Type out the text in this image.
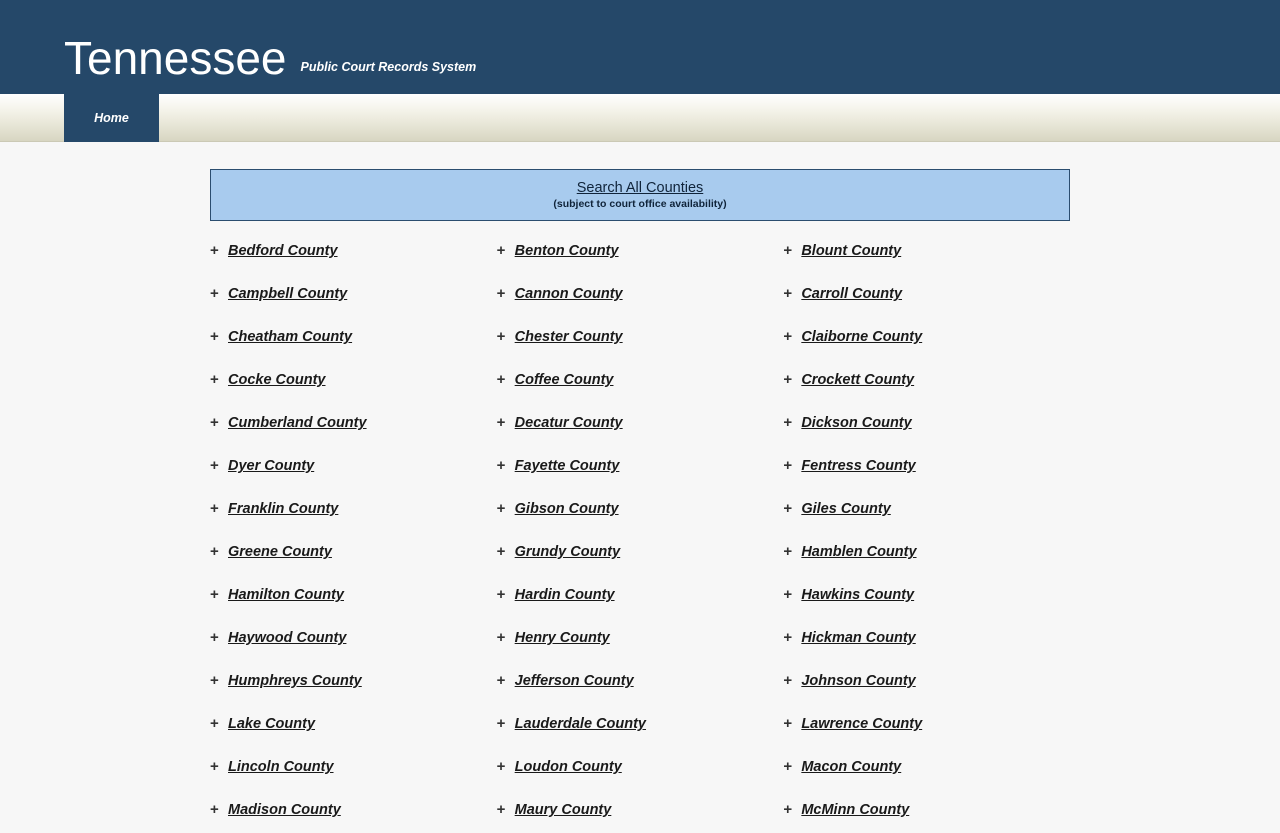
Tennessee Public Court Records System
Home
Search All Counties
(subject to court office availability)
+ Bedford County	+ Benton County	+ Blount County
+ Campbell County	+ Cannon County	+ Carroll County
+ Cheatham County	+ Chester County	+ Claiborne County
+ Cocke County	+ Coffee County	+ Crockett County
+ Cumberland County	+ Decatur County	+ Dickson County
+ Dyer County	+ Fayette County	+ Fentress County
+ Franklin County	+ Gibson County	+ Giles County
+ Greene County	+ Grundy County	+ Hamblen County
+ Hamilton County	+ Hardin County	+ Hawkins County
+ Haywood County	+ Henry County	+ Hickman County
+ Humphreys County	+ Jefferson County	+ Johnson County
+ Lake County	+ Lauderdale County	+ Lawrence County
+ Lincoln County	+ Loudon County	+ Macon County
+ Madison County	+ Maury County	+ McMinn County
